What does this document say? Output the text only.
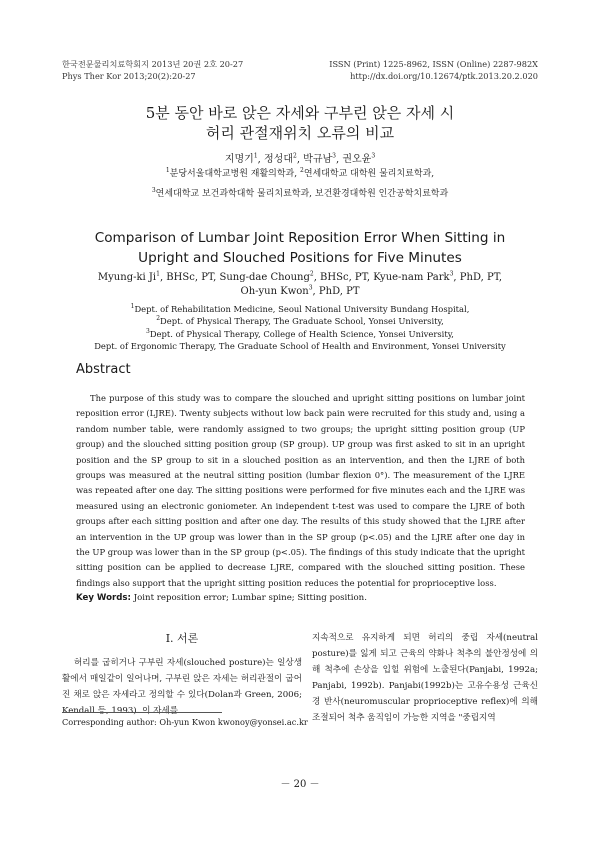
한국전문물리치료학회지 2013년 20권 2호 20-27
Phys Ther Kor 2013;20(2):20-27
ISSN (Print) 1225-8962, ISSN (Online) 2287-982X
http://dx.doi.org/10.12674/ptk.2013.20.2.020
5분 동안 바로 앉은 자세와 구부린 앉은 자세 시
허리 관절재위치 오류의 비교
지명기$^1$, 정성대$^2$, 박규남$^3$, 권오윤$^3$
$^1$분당서울대학교병원 재활의학과, $^2$연세대학교 대학원 물리치료학과,
$^3$연세대학교 보건과학대학 물리치료학과, 보건환경대학원 인간공학치료학과
Comparison of Lumbar Joint Reposition Error When Sitting in
Upright and Slouched Positions for Five Minutes
Myung-ki Ji$^1$, BHSc, PT, Sung-dae Choung$^2$, BHSc, PT, Kyue-nam Park$^3$, PhD, PT,
Oh-yun Kwon$^3$, PhD, PT
$^1$Dept. of Rehabilitation Medicine, Seoul National University Bundang Hospital,
$^2$Dept. of Physical Therapy, The Graduate School, Yonsei University,
$^3$Dept. of Physical Therapy, College of Health Science, Yonsei University,
Dept. of Ergonomic Therapy, The Graduate School of Health and Environment, Yonsei University
Abstract

The purpose of this study was to compare the slouched and upright sitting positions on lumbar joint reposition error (LJRE). Twenty subjects without low back pain were recruited for this study and, using a random number table, were randomly assigned to two groups; the upright sitting position group (UP group) and the slouched sitting position group (SP group). UP group was first asked to sit in an upright position and the SP group to sit in a slouched position as an intervention, and then the LJRE of both groups was measured at the neutral sitting position (lumbar flexion 0°). The measurement of the LJRE was repeated after one day. The sitting positions were performed for five minutes each and the LJRE was measured using an electronic goniometer. An independent t-test was used to compare the LJRE of both groups after each sitting position and after one day. The results of this study showed that the LJRE after an intervention in the UP group was lower than in the SP group (p<.05) and the LJRE after one day in the UP group was lower than in the SP group (p<.05). The findings of this study indicate that the upright sitting position can be applied to decrease LJRE, compared with the slouched sitting position. These findings also support that the upright sitting position reduces the potential for proprioceptive loss.

Key Words: Joint reposition error; Lumbar spine; Sitting position.
Ⅰ. 서론

허리를 굽히거나 구부린 자세(slouched posture)는 일상생활에서 매일같이 일어나며, 구부린 앉은 자세는 허리관절이 굽어진 채로 앉은 자세라고 정의할 수 있다(Dolan과 Green, 2006; Kendall 등, 1993). 이 자세를

지속적으로 유지하게 되면 허리의 중립 자세(neutral posture)를 잃게 되고 근육의 약화나 척추의 불안정성에 의해 척추에 손상을 입힐 위험에 노출된다(Panjabi, 1992a; Panjabi, 1992b). Panjabi(1992b)는 고유수용성 근육신경 반사(neuromuscular proprioceptive reflex)에 의해 조절되어 척추 움직임이 가능한 지역을 "중립지역

Corresponding author: Oh-yun Kwon kwonoy@yonsei.ac.kr
－ 20 －
